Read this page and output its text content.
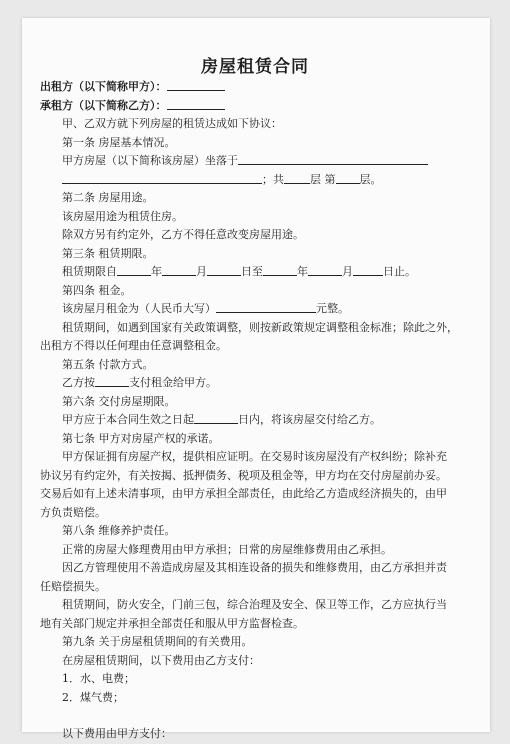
房屋租赁合同
出租方（以下简称甲方）：
承租方（以下简称乙方）：
甲、乙双方就下列房屋的租赁达成如下协议：
第一条 房屋基本情况。
甲方房屋（以下简称该房屋）坐落于
；共 层 第 层。
第二条 房屋用途。
该房屋用途为租赁住房。
除双方另有约定外，乙方不得任意改变房屋用途。
第三条 租赁期限。
租赁期限自	年	月	日至	年	月	日止。
第四条 租金。
该房屋月租金为（人民币大写）	元整。
租赁期间，如遇到国家有关政策调整，则按新政策规定调整租金标准；除此之外，
出租方不得以任何理由任意调整租金。
第五条 付款方式。
乙方按	支付租金给甲方。
第六条 交付房屋期限。
甲方应于本合同生效之日起	日内，将该房屋交付给乙方。
第七条 甲方对房屋产权的承诺。
甲方保证拥有房屋产权，提供相应证明。在交易时该房屋没有产权纠纷；除补充
协议另有约定外，有关按揭、抵押债务、税项及租金等，甲方均在交付房屋前办妥。
交易后如有上述未清事项，由甲方承担全部责任，由此给乙方造成经济损失的，由甲
方负责赔偿。
第八条 维修养护责任。
正常的房屋大修理费用由甲方承担；日常的房屋维修费用由乙承担。
因乙方管理使用不善造成房屋及其相连设备的损失和维修费用，由乙方承担并责
任赔偿损失。
租赁期间，防火安全，门前三包，综合治理及安全、保卫等工作，乙方应执行当
地有关部门规定并承担全部责任和服从甲方监督检查。
第九条 关于房屋租赁期间的有关费用。
在房屋租赁期间，以下费用由乙方支付：
1．水、电费；
2．煤气费；
以下费用由甲方支付：
